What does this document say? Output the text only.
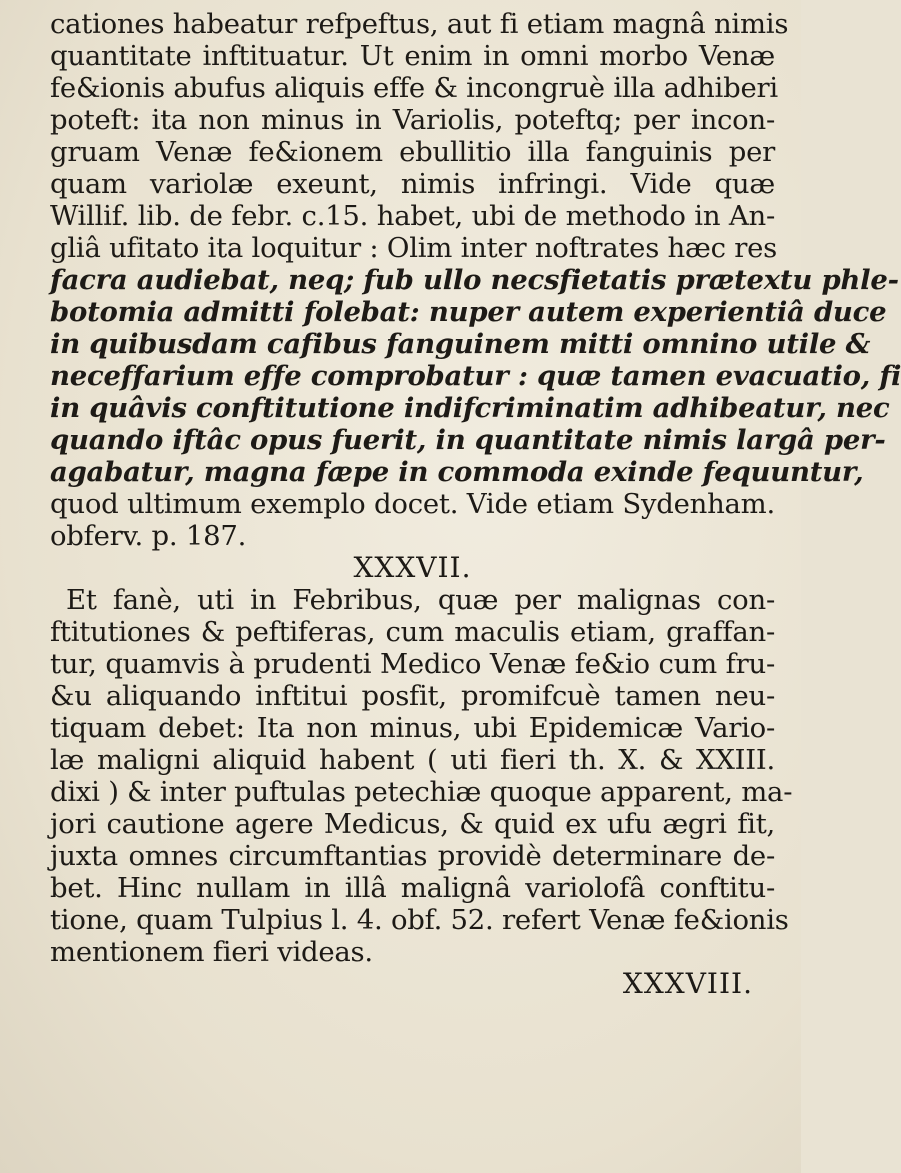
cationes habeatur refpeftus, aut fi etiam magnâ nimis
quantitate inftituatur. Ut enim in omni morbo Venæ
fe&ionis abufus aliquis effe & incongruè illa adhiberi
poteft: ita non minus in Variolis, poteftq; per incon-
gruam Venæ fe&ionem ebullitio illa fanguinis per
quam variolæ exeunt, nimis infringi. Vide quæ
Willif. lib. de febr. c.15. habet, ubi de methodo in An-
gliâ ufitato ita loquitur : Olim inter noftrates hæc res
facra audiebat, neq; fub ullo necsfietatis prætextu phle-
botomia admitti folebat: nuper autem experientiâ duce
in quibusdam cafibus fanguinem mitti omnino utile &
neceffarium effe comprobatur : quæ tamen evacuatio, fi
in quâvis conftitutione indifcriminatim adhibeatur, nec
quando iftâc opus fuerit, in quantitate nimis largâ per-
agabatur, magna fæpe in commoda exinde fequuntur,
quod ultimum exemplo docet. Vide etiam Sydenham.
obferv. p. 187.
XXXVII.
Et fanè, uti in Febribus, quæ per malignas con-
ftitutiones & peftiferas, cum maculis etiam, graffan-
tur, quamvis à prudenti Medico Venæ fe&io cum fru-
&u aliquando inftitui posfit, promifcuè tamen neu-
tiquam debet: Ita non minus, ubi Epidemicæ Vario-
læ maligni aliquid habent ( uti fieri th. X. & XXIII.
dixi ) & inter puftulas petechiæ quoque apparent, ma-
jori cautione agere Medicus, & quid ex ufu ægri fit,
juxta omnes circumftantias providè determinare de-
bet. Hinc nullam in illâ malignâ variolofâ conftitu-
tione, quam Tulpius l. 4. obf. 52. refert Venæ fe&ionis
mentionem fieri videas.
XXXVIII.
